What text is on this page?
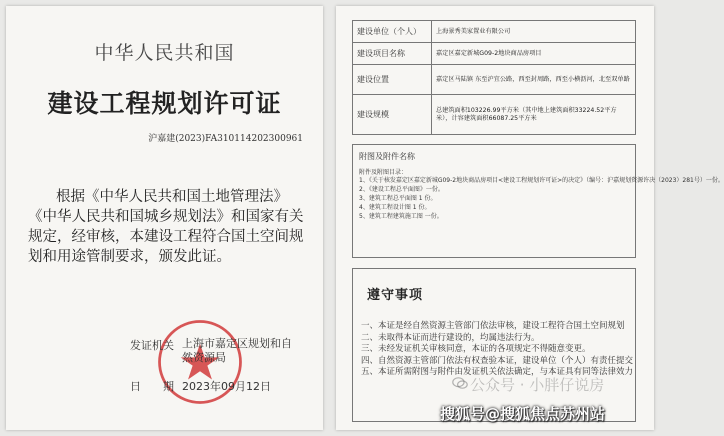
中华人民共和国
建设工程规划许可证
沪嘉建(2023)FA310114202300961
根据《中华人民共和国土地管理法》
《中华人民共和国城乡规划法》和国家有关
规定，经审核，本建设工程符合国土空间规
划和用途管制要求，颁发此证。
发证机关 上海市嘉定区规划和自然资源局
日　　期 2023年09月12日
建设单位（个人）	上海景秀美家置业有限公司
建设项目名称	嘉定区嘉定新城G09-2地块商品房项目
建设位置	嘉定区马陆镇 东至沪宜公路，西至封周路，西至小横沥河，北至双单路
建设规模	总建筑面积103226.99平方米（其中地上建筑面积33224.52平方米），计容建筑面积66087.25平方米
附图及附件名称
附件及附图目录：
1、《关于核发嘉定区嘉定新城G09-2地块商品房项目<建设工程规划许可证>的决定》（编号：沪嘉规划资源许决（2023）281号）一份。
2、《建设工程总平面图》一份。
3、建筑工程总平面图 1 份。
4、建筑工程设计图 1 份。
5、建筑工程建筑施工图 一份。
遵守事项
一、本证是经自然资源主管部门依法审核，建设工程符合国土空间规划
二、未取得本证而进行建设的，均属违法行为。
三、未经发证机关审核同意，本证的各项规定不得随意变更。
四、自然资源主管部门依法有权查验本证，建设单位（个人）有责任提交
五、本证所需附图与附件由发证机关依法确定，与本证具有同等法律效力
公众号 · 小胖仔说房
搜狐号@搜狐焦点苏州站
